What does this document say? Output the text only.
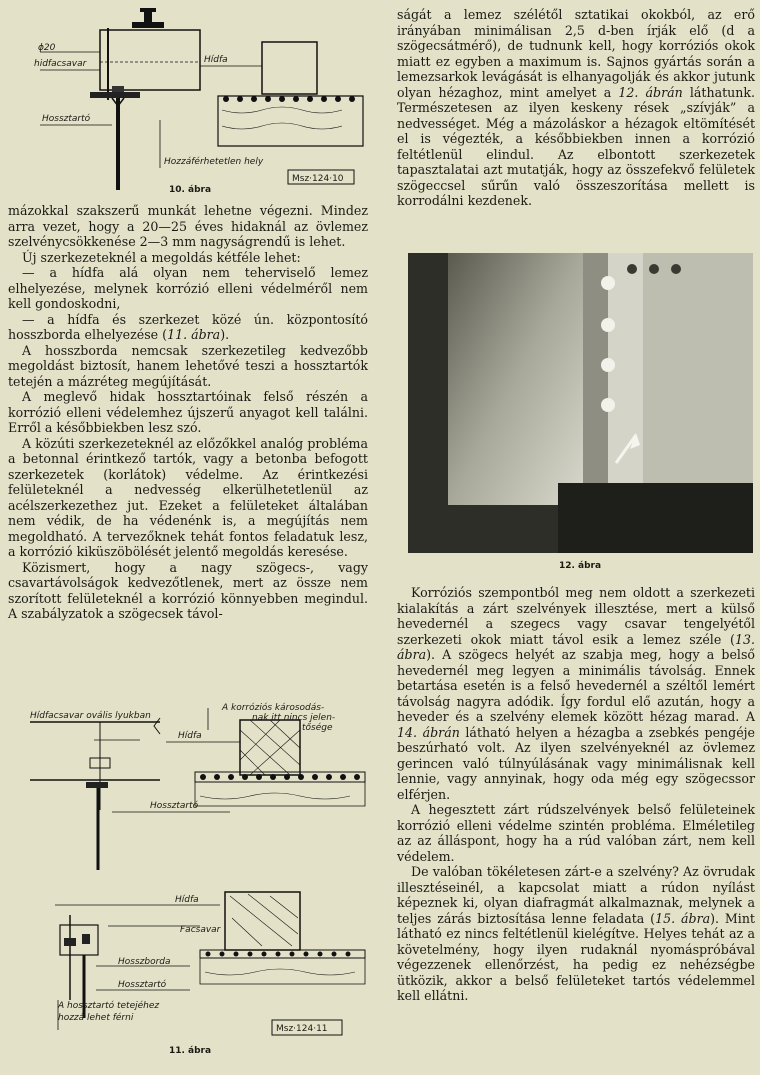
ɸ20
hidfacsavar	Hídfa
Hossztartó
Hozzáférhetetlen hely
Msz·124·10
10. ábra

mázokkal szakszerű munkát lehetne végezni. Mindez arra vezet, hogy a 20—25 éves hidaknál az övlemez szelvénycsökkenése 2—3 mm nagyságrendű is lehet.

Új szerkezeteknél a megoldás kétféle lehet:

— a hídfa alá olyan nem teherviselő lemez elhelyezése, melynek korrózió elleni védelméről nem kell gondoskodni,

— a hídfa és szerkezet közé ún. központosító hosszborda elhelyezése (11. ábra).

A hosszborda nemcsak szerkezetileg kedvezőbb megoldást biztosít, hanem lehetővé teszi a hossztartók tetején a mázréteg megújítását.

A meglevő hidak hossztartóinak felső részén a korrózió elleni védelemhez újszerű anyagot kell találni. Erről a későbbiekben lesz szó.

A közúti szerkezeteknél az előzőkkel analóg probléma a betonnal érintkező tartók, vagy a betonba befogott szerkezetek (korlátok) védelme. Az érintkezési felületeknél a nedvesség elkerülhetetlenül az acélszerkezethez jut. Ezeket a felületeket általában nem védik, de ha védenénk is, a megújítás nem megoldható. A tervezőknek tehát fontos feladatuk lesz, a korrózió kiküszöbölését jelentő megoldás keresése.

Közismert, hogy a nagy szögecs-, vagy csavartávolságok kedvezőtlenek, mert az össze nem szorított felületeknél a korrózió könnyebben megindul. A szabályzatok a szögecsek távol-

Hídfacsavar ovális lyukban
A korróziós károsodás-
nak itt nincs jelen-
tősége
Hídfa
Hossztartó
Hídfa
Facsavar
Hosszborda
Hossztartó
A hossztartó tetejéhez
hozzá lehet férni
Msz·124·11
11. ábra

ságát a lemez szélétől sztatikai okokból, az erő irányában minimálisan 2,5 d-ben írják elő (d a szögecsátmérő), de tudnunk kell, hogy korróziós okok miatt ez egyben a maximum is. Sajnos gyártás során a lemezsarkok levágását is elhanyagolják és akkor jutunk olyan hézaghoz, mint amelyet a 12. ábrán láthatunk. Természetesen az ilyen keskeny rések „szívják” a nedvességet. Még a mázoláskor a hézagok eltömítését el is végezték, a későbbiekben innen a korrózió feltétlenül elindul. Az elbontott szerkezetek tapasztalatai azt mutatják, hogy az összefekvő felületek szögeccsel sűrűn való összeszorítása mellett is korrodálni kezdenek.

12. ábra

Korróziós szempontból meg nem oldott a szerkezeti kialakítás a zárt szelvények illesztése, mert a külső hevedernél a szegecs vagy csavar tengelyétől szerkezeti okok miatt távol esik a lemez széle (13. ábra). A szögecs helyét az szabja meg, hogy a belső hevedernél meg legyen a minimális távolság. Ennek betartása esetén is a felső hevedernél a széltől lemért távolság nagyra adódik. Így fordul elő azután, hogy a heveder és a szelvény elemek között hézag marad. A 14. ábrán látható helyen a hézagba a zsebkés pengéje beszúrható volt. Az ilyen szelvényeknél az övlemez gerincen való túlnyúlásának vagy minimálisnak kell lennie, vagy annyinak, hogy oda még egy szögecssor elférjen.

A hegesztett zárt rúdszelvények belső felületeinek korrózió elleni védelme szintén probléma. Elméletileg az az álláspont, hogy ha a rúd valóban zárt, nem kell védelem.

De valóban tökéletesen zárt-e a szelvény? Az övrudak illesztéseinél, a kapcsolat miatt a rúdon nyílást képeznek ki, olyan diafragmát alkalmaznak, melynek a teljes zárás biztosítása lenne feladata (15. ábra). Mint látható ez nincs feltétlenül kielégítve. Helyes tehát az a követelmény, hogy ilyen rudaknál nyomáspróbával végezzenek ellenőrzést, ha pedig ez nehézségbe ütközik, akkor a belső felületeket tartós védelemmel kell ellátni.
